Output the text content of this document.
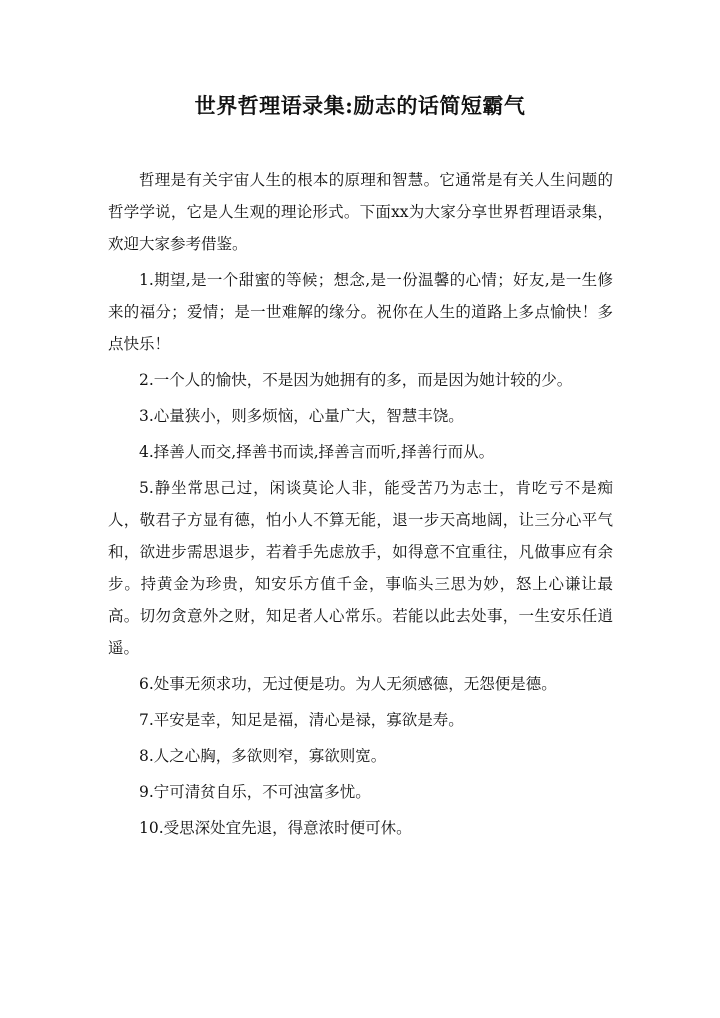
世界哲理语录集:励志的话简短霸气

哲理是有关宇宙人生的根本的原理和智慧。它通常是有关人生问题的哲学学说，它是人生观的理论形式。下面xx为大家分享世界哲理语录集，欢迎大家参考借鉴。

1.期望,是一个甜蜜的等候；想念,是一份温馨的心情；好友,是一生修来的福分；爱情；是一世难解的缘分。祝你在人生的道路上多点愉快！多点快乐！

2.一个人的愉快，不是因为她拥有的多，而是因为她计较的少。

3.心量狭小，则多烦恼，心量广大，智慧丰饶。

4.择善人而交,择善书而读,择善言而听,择善行而从。

5.静坐常思己过，闲谈莫论人非，能受苦乃为志士，肯吃亏不是痴人，敬君子方显有德，怕小人不算无能，退一步天高地阔，让三分心平气和，欲进步需思退步，若着手先虑放手，如得意不宜重往，凡做事应有余步。持黄金为珍贵，知安乐方值千金，事临头三思为妙，怒上心谦让最高。切勿贪意外之财，知足者人心常乐。若能以此去处事，一生安乐任逍遥。

6.处事无须求功，无过便是功。为人无须感德，无怨便是德。

7.平安是幸，知足是福，清心是禄，寡欲是寿。

8.人之心胸，多欲则窄，寡欲则宽。

9.宁可清贫自乐，不可浊富多忧。

10.受思深处宜先退，得意浓时便可休。
